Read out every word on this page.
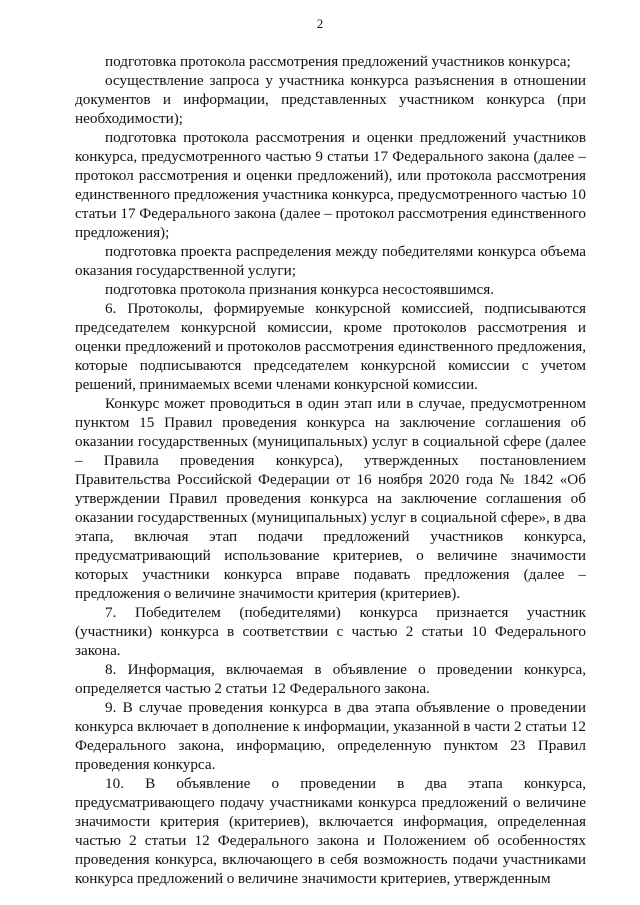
2

подготовка протокола рассмотрения предложений участников конкурса;

осуществление запроса у участника конкурса разъяснения в отношении документов и информации, представленных участником конкурса (при необходимости);

подготовка протокола рассмотрения и оценки предложений участников конкурса, предусмотренного частью 9 статьи 17 Федерального закона (далее – протокол рассмотрения и оценки предложений), или протокола рассмотрения единственного предложения участника конкурса, предусмотренного частью 10 статьи 17 Федерального закона (далее – протокол рассмотрения единственного предложения);

подготовка проекта распределения между победителями конкурса объема оказания государственной услуги;

подготовка протокола признания конкурса несостоявшимся.

6. Протоколы, формируемые конкурсной комиссией, подписываются председателем конкурсной комиссии, кроме протоколов рассмотрения и оценки предложений и протоколов рассмотрения единственного предложения, которые подписываются председателем конкурсной комиссии с учетом решений, принимаемых всеми членами конкурсной комиссии.

Конкурс может проводиться в один этап или в случае, предусмотренном пунктом 15 Правил проведения конкурса на заключение соглашения об оказании государственных (муниципальных) услуг в социальной сфере (далее – Правила проведения конкурса), утвержденных постановлением Правительства Российской Федерации от 16 ноября 2020 года № 1842 «Об утверждении Правил проведения конкурса на заключение соглашения об оказании государственных (муниципальных) услуг в социальной сфере», в два этапа, включая этап подачи предложений участников конкурса, предусматривающий использование критериев, о величине значимости которых участники конкурса вправе подавать предложения (далее – предложения о величине значимости критерия (критериев).

7. Победителем (победителями) конкурса признается участник (участники) конкурса в соответствии с частью 2 статьи 10 Федерального закона.

8. Информация, включаемая в объявление о проведении конкурса, определяется частью 2 статьи 12 Федерального закона.

9. В случае проведения конкурса в два этапа объявление о проведении конкурса включает в дополнение к информации, указанной в части 2 статьи 12 Федерального закона, информацию, определенную пунктом 23 Правил проведения конкурса.

10. В объявление о проведении в два этапа конкурса, предусматривающего подачу участниками конкурса предложений о величине значимости критерия (критериев), включается информация, определенная частью 2 статьи 12 Федерального закона и Положением об особенностях проведения конкурса, включающего в себя возможность подачи участниками конкурса предложений о величине значимости критериев, утвержденным
